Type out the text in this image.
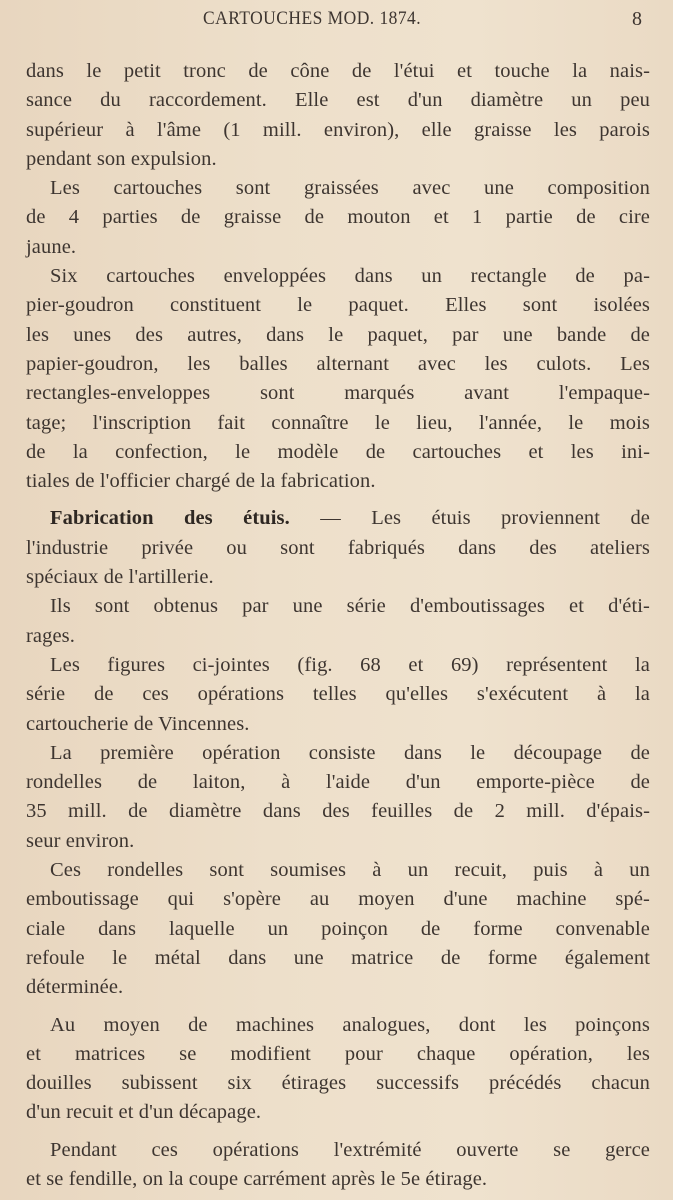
CARTOUCHES MOD. 1874.	8
dans le petit tronc de cône de l'étui et touche la nais-
sance du raccordement. Elle est d'un diamètre un peu
supérieur à l'âme (1 mill. environ), elle graisse les parois
pendant son expulsion.
Les cartouches sont graissées avec une composition
de 4 parties de graisse de mouton et 1 partie de cire
jaune.
Six cartouches enveloppées dans un rectangle de pa-
pier-goudron constituent le paquet. Elles sont isolées
les unes des autres, dans le paquet, par une bande de
papier-goudron, les balles alternant avec les culots. Les
rectangles-enveloppes sont marqués avant l'empaque-
tage; l'inscription fait connaître le lieu, l'année, le mois
de la confection, le modèle de cartouches et les ini-
tiales de l'officier chargé de la fabrication.
Fabrication des étuis. — Les étuis proviennent de
l'industrie privée ou sont fabriqués dans des ateliers
spéciaux de l'artillerie.
Ils sont obtenus par une série d'emboutissages et d'éti-
rages.
Les figures ci-jointes (fig. 68 et 69) représentent la
série de ces opérations telles qu'elles s'exécutent à la
cartoucherie de Vincennes.
La première opération consiste dans le découpage de
rondelles de laiton, à l'aide d'un emporte-pièce de
35 mill. de diamètre dans des feuilles de 2 mill. d'épais-
seur environ.
Ces rondelles sont soumises à un recuit, puis à un
emboutissage qui s'opère au moyen d'une machine spé-
ciale dans laquelle un poinçon de forme convenable
refoule le métal dans une matrice de forme également
déterminée.
Au moyen de machines analogues, dont les poinçons
et matrices se modifient pour chaque opération, les
douilles subissent six étirages successifs précédés chacun
d'un recuit et d'un décapage.
Pendant ces opérations l'extrémité ouverte se gerce
et se fendille, on la coupe carrément après le 5e étirage.
